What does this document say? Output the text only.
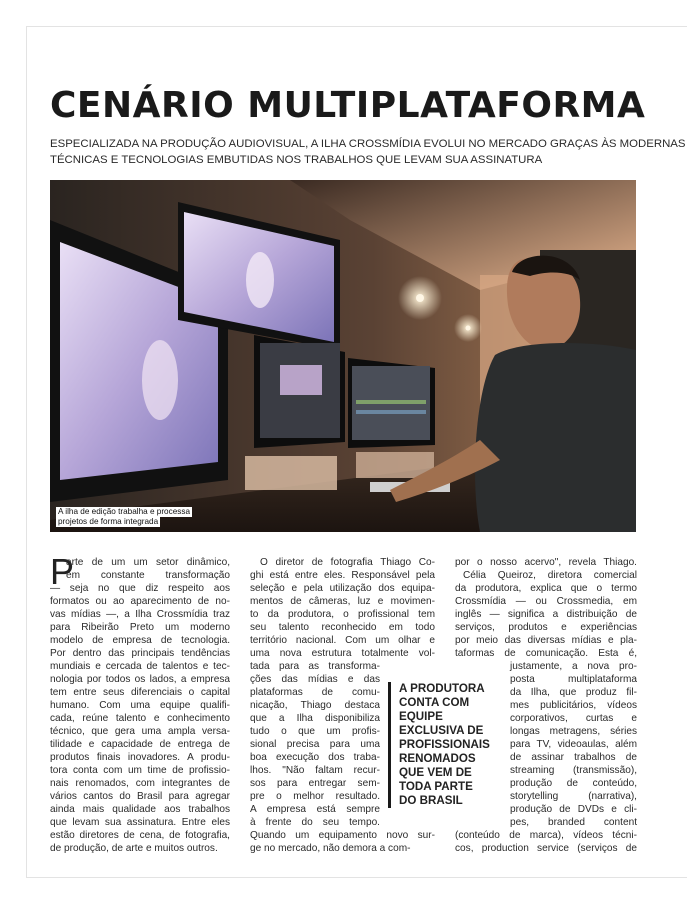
CENÁRIO MULTIPLATAFORMA
ESPECIALIZADA NA PRODUÇÃO AUDIOVISUAL, A ILHA CROSSMÍDIA EVOLUI NO MERCADO GRAÇAS ÀS MODERNAS
TÉCNICAS E TECNOLOGIAS EMBUTIDAS NOS TRABALHOS QUE LEVAM SUA ASSINATURA
A ilha de edição trabalha e processa
projetos de forma integrada
P
arte de um um setor dinâmico,
em constante transformação
— seja no que diz respeito aos
formatos ou ao aparecimento de no-
vas mídias —, a Ilha Crossmídia traz
para Ribeirão Preto um moderno
modelo de empresa de tecnologia.
Por dentro das principais tendências
mundiais e cercada de talentos e tec-
nologia por todos os lados, a empresa
tem entre seus diferenciais o capital
humano. Com uma equipe qualifi-
cada, reúne talento e conhecimento
técnico, que gera uma ampla versa-
tilidade e capacidade de entrega de
produtos finais inovadores. A produ-
tora conta com um time de profissio-
nais renomados, com integrantes de
vários cantos do Brasil para agregar
ainda mais qualidade aos trabalhos
que levam sua assinatura. Entre eles
estão diretores de cena, de fotografia,
de produção, de arte e muitos outros.
O diretor de fotografia Thiago Co-
ghi está entre eles. Responsável pela
seleção e pela utilização dos equipa-
mentos de câmeras, luz e movimen-
to da produtora, o profissional tem
seu talento reconhecido em todo
território nacional. Com um olhar e
uma nova estrutura totalmente vol-
tada para as transforma-
ções das mídias e das
plataformas de comu-
nicação, Thiago destaca
que a Ilha disponibiliza
tudo o que um profis-
sional precisa para uma
boa execução dos traba-
lhos. "Não faltam recur-
sos para entregar sem-
pre o melhor resultado.
A empresa está sempre
à frente do seu tempo.
Quando um equipamento novo sur-
ge no mercado, não demora a com-
por o nosso acervo", revela Thiago.
Célia Queiroz, diretora comercial
da produtora, explica que o termo
Crossmídia — ou Crossmedia, em
inglês — significa a distribuição de
serviços, produtos e experiências
por meio das diversas mídias e pla-
taformas de comunicação. Esta é,
justamente, a nova pro-
posta multiplataforma
da Ilha, que produz fil-
mes publicitários, vídeos
corporativos, curtas e
longas metragens, séries
para TV, videoaulas, além
de assinar trabalhos de
streaming (transmissão),
produção de conteúdo,
storytelling (narrativa),
produção de DVDs e cli-
pes, branded content
(conteúdo de marca), vídeos técni-
cos, production service (serviços de
A PRODUTORA
CONTA COM
EQUIPE
EXCLUSIVA DE
PROFISSIONAIS
RENOMADOS
QUE VEM DE
TODA PARTE
DO BRASIL
